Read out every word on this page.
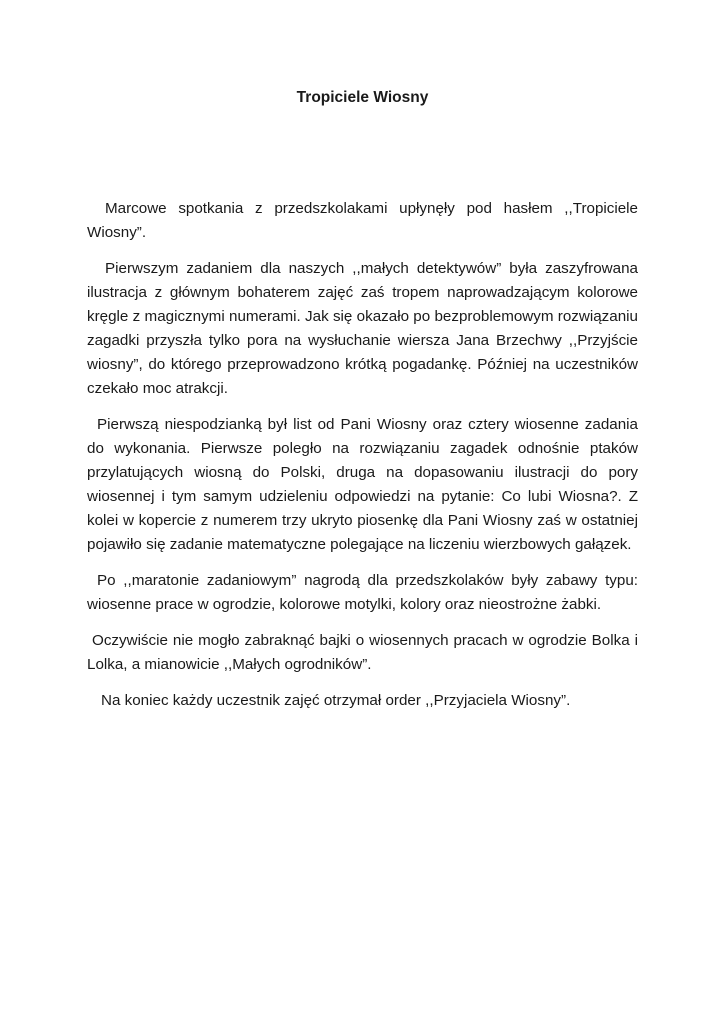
Tropiciele Wiosny

Marcowe spotkania z przedszkolakami upłynęły pod hasłem ,,Tropiciele Wiosny”.

Pierwszym zadaniem dla naszych ,,małych detektywów” była zaszyfrowana ilustracja z głównym bohaterem zajęć zaś tropem naprowadzającym kolorowe kręgle z magicznymi numerami. Jak się okazało po bezproblemowym rozwiązaniu zagadki przyszła tylko pora na wysłuchanie wiersza Jana Brzechwy ,,Przyjście wiosny”, do którego przeprowadzono krótką pogadankę. Później na uczestników czekało moc atrakcji.

Pierwszą niespodzianką był list od Pani Wiosny oraz cztery wiosenne zadania do wykonania. Pierwsze poległo na rozwiązaniu zagadek odnośnie ptaków przylatujących wiosną do Polski, druga na dopasowaniu ilustracji do pory wiosennej i tym samym udzieleniu odpowiedzi na pytanie: Co lubi Wiosna?. Z kolei w kopercie z numerem trzy ukryto piosenkę dla Pani Wiosny zaś w ostatniej pojawiło się zadanie matematyczne polegające na liczeniu wierzbowych gałązek.

Po ,,maratonie zadaniowym” nagrodą dla przedszkolaków były zabawy typu: wiosenne prace w ogrodzie, kolorowe motylki, kolory oraz nieostrożne żabki.

Oczywiście nie mogło zabraknąć bajki o wiosennych pracach w ogrodzie Bolka i Lolka, a mianowicie ,,Małych ogrodników”.

Na koniec każdy uczestnik zajęć otrzymał order ,,Przyjaciela Wiosny”.
